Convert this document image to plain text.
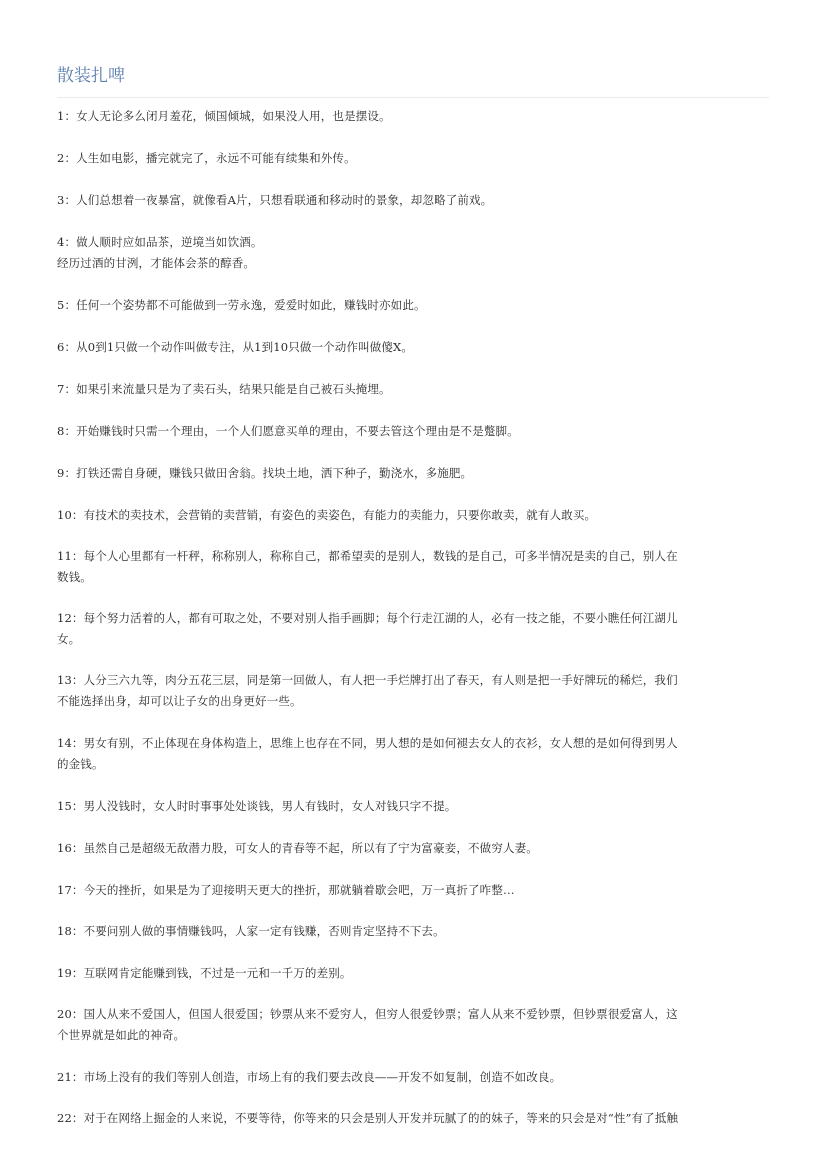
散装扎啤
1：女人无论多么闭月羞花，倾国倾城，如果没人用，也是摆设。
2：人生如电影，播完就完了，永远不可能有续集和外传。
3：人们总想着一夜暴富，就像看A片，只想看联通和移动时的景象，却忽略了前戏。
4：做人顺时应如品茶，逆境当如饮酒。
经历过酒的甘洌，才能体会茶的醇香。
5：任何一个姿势都不可能做到一劳永逸，爱爱时如此，赚钱时亦如此。
6：从0到1只做一个动作叫做专注，从1到10只做一个动作叫做傻X。
7：如果引来流量只是为了卖石头，结果只能是自己被石头掩埋。
8：开始赚钱时只需一个理由，一个人们愿意买单的理由，不要去管这个理由是不是蹩脚。
9：打铁还需自身硬，赚钱只做田舍翁。找块土地，洒下种子，勤浇水，多施肥。
10：有技术的卖技术，会营销的卖营销，有姿色的卖姿色，有能力的卖能力，只要你敢卖，就有人敢买。
11：每个人心里都有一杆秤，称称别人，称称自己，都希望卖的是别人，数钱的是自己，可多半情况是卖的自己，别人在
数钱。
12：每个努力活着的人，都有可取之处，不要对别人指手画脚；每个行走江湖的人，必有一技之能，不要小瞧任何江湖儿
女。
13：人分三六九等，肉分五花三层，同是第一回做人，有人把一手烂牌打出了春天，有人则是把一手好牌玩的稀烂，我们
不能选择出身，却可以让子女的出身更好一些。
14：男女有别，不止体现在身体构造上，思维上也存在不同，男人想的是如何褪去女人的衣衫，女人想的是如何得到男人
的金钱。
15：男人没钱时，女人时时事事处处谈钱，男人有钱时，女人对钱只字不提。
16：虽然自己是超级无敌潜力股，可女人的青春等不起，所以有了宁为富豪妾，不做穷人妻。
17：今天的挫折，如果是为了迎接明天更大的挫折，那就躺着歇会吧，万一真折了咋整…
18：不要问别人做的事情赚钱吗，人家一定有钱赚，否则肯定坚持不下去。
19：互联网肯定能赚到钱，不过是一元和一千万的差别。
20：国人从来不爱国人，但国人很爱国；钞票从来不爱穷人，但穷人很爱钞票；富人从来不爱钞票，但钞票很爱富人，这
个世界就是如此的神奇。
21：市场上没有的我们等别人创造，市场上有的我们要去改良——开发不如复制，创造不如改良。
22：对于在网络上掘金的人来说，不要等待，你等来的只会是别人开发并玩腻了的的妹子，等来的只会是对“性”有了抵触
